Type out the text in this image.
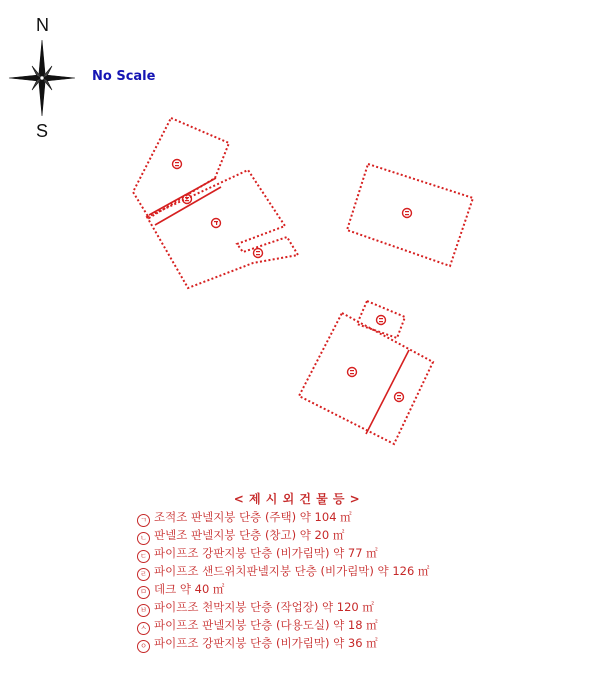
N
S
No Scale
< 제 시 외 건 물 등 >
ㄱ 조적조 판넬지붕 단층 (주택) 약 104 ㎡
ㄴ 판넬조 판넬지붕 단층 (창고) 약 20 ㎡
ㄷ 파이프조 강판지붕 단층 (비가림막) 약 77 ㎡
ㄹ 파이프조 샌드위치판넬지붕 단층 (비가림막) 약 126 ㎡
ㅁ 데크 약 40 ㎡
ㅂ 파이프조 천막지붕 단층 (작업장) 약 120 ㎡
ㅅ 파이프조 판넬지붕 단층 (다용도실) 약 18 ㎡
ㅇ 파이프조 강판지붕 단층 (비가림막) 약 36 ㎡
